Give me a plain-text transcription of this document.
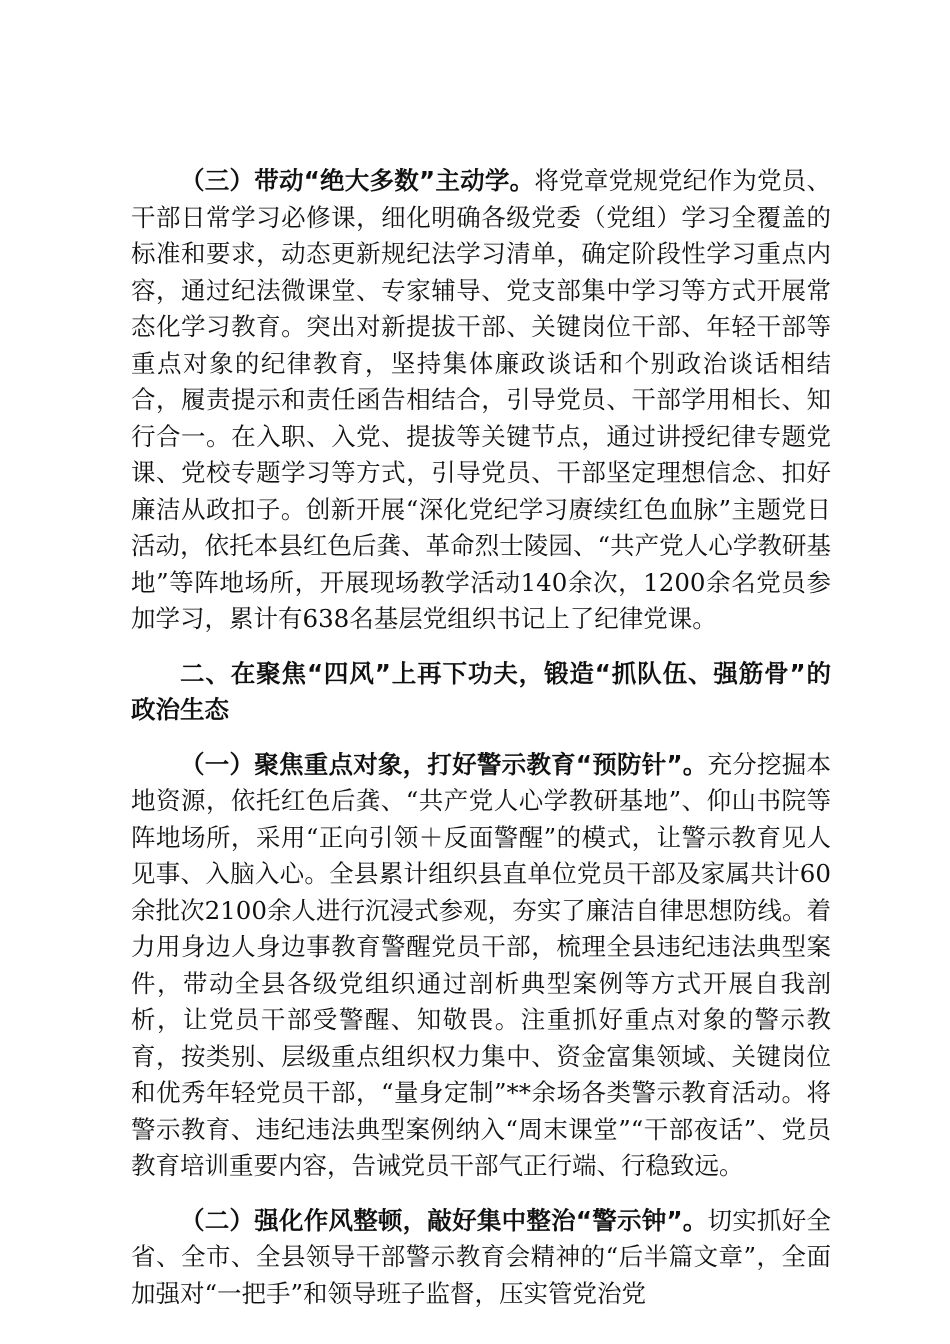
（三）带动“绝大多数”主动学。将党章党规党纪作为党员、干部日常学习必修课，细化明确各级党委（党组）学习全覆盖的标准和要求，动态更新规纪法学习清单，确定阶段性学习重点内容，通过纪法微课堂、专家辅导、党支部集中学习等方式开展常态化学习教育。突出对新提拔干部、关键岗位干部、年轻干部等重点对象的纪律教育，坚持集体廉政谈话和个别政治谈话相结合，履责提示和责任函告相结合，引导党员、干部学用相长、知行合一。在入职、入党、提拔等关键节点，通过讲授纪律专题党课、党校专题学习等方式，引导党员、干部坚定理想信念、扣好廉洁从政扣子。创新开展“深化党纪学习赓续红色血脉”主题党日活动，依托本县红色后龚、革命烈士陵园、“共产党人心学教研基地”等阵地场所，开展现场教学活动140余次，1200余名党员参加学习，累计有638名基层党组织书记上了纪律党课。

二、在聚焦“四风”上再下功夫，锻造“抓队伍、强筋骨”的政治生态

（一）聚焦重点对象，打好警示教育“预防针”。充分挖掘本地资源，依托红色后龚、“共产党人心学教研基地”、仰山书院等阵地场所，采用“正向引领＋反面警醒”的模式，让警示教育见人见事、入脑入心。全县累计组织县直单位党员干部及家属共计60余批次2100余人进行沉浸式参观，夯实了廉洁自律思想防线。着力用身边人身边事教育警醒党员干部，梳理全县违纪违法典型案件，带动全县各级党组织通过剖析典型案例等方式开展自我剖析，让党员干部受警醒、知敬畏。注重抓好重点对象的警示教育，按类别、层级重点组织权力集中、资金富集领域、关键岗位和优秀年轻党员干部，“量身定制”**余场各类警示教育活动。将警示教育、违纪违法典型案例纳入“周末课堂”“干部夜话”、党员教育培训重要内容，告诫党员干部气正行端、行稳致远。

（二）强化作风整顿，敲好集中整治“警示钟”。切实抓好全省、全市、全县领导干部警示教育会精神的“后半篇文章”，全面加强对“一把手”和领导班子监督，压实管党治党
